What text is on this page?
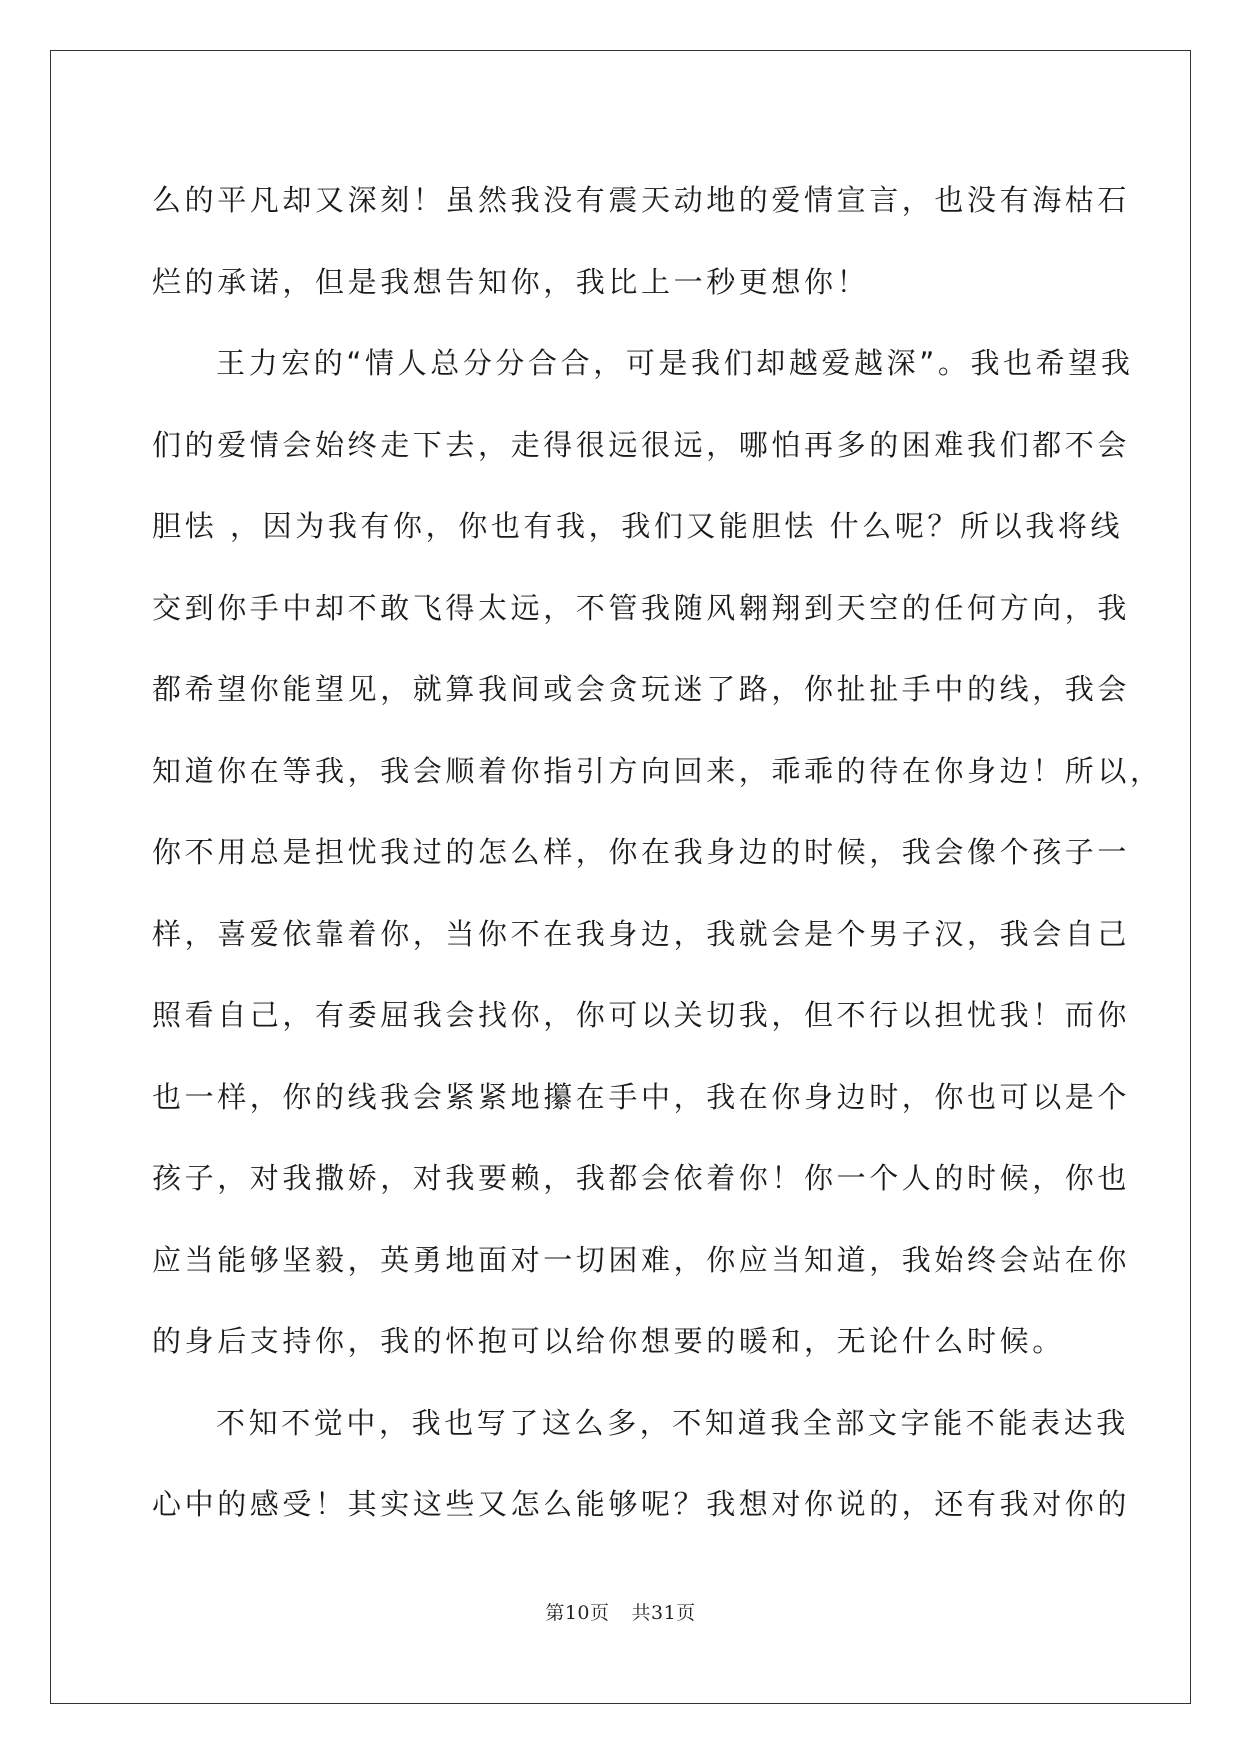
么的平凡却又深刻！虽然我没有震天动地的爱情宣言，也没有海枯石
烂的承诺，但是我想告知你，我比上一秒更想你！
王力宏的“情人总分分合合，可是我们却越爱越深”。我也希望我
们的爱情会始终走下去，走得很远很远，哪怕再多的困难我们都不会
胆怯 ，因为我有你，你也有我，我们又能胆怯 什么呢？所以我将线
交到你手中却不敢飞得太远，不管我随风翱翔到天空的任何方向，我
都希望你能望见，就算我间或会贪玩迷了路，你扯扯手中的线，我会
知道你在等我，我会顺着你指引方向回来，乖乖的待在你身边！所以，
你不用总是担忧我过的怎么样，你在我身边的时候，我会像个孩子一
样，喜爱依靠着你，当你不在我身边，我就会是个男子汉，我会自己
照看自己，有委屈我会找你，你可以关切我，但不行以担忧我！而你
也一样，你的线我会紧紧地攥在手中，我在你身边时，你也可以是个
孩子，对我撒娇，对我要赖，我都会依着你！你一个人的时候，你也
应当能够坚毅，英勇地面对一切困难，你应当知道，我始终会站在你
的身后支持你，我的怀抱可以给你想要的暖和，无论什么时候。
不知不觉中，我也写了这么多，不知道我全部文字能不能表达我
心中的感受！其实这些又怎么能够呢？我想对你说的，还有我对你的
第10页 共31页
